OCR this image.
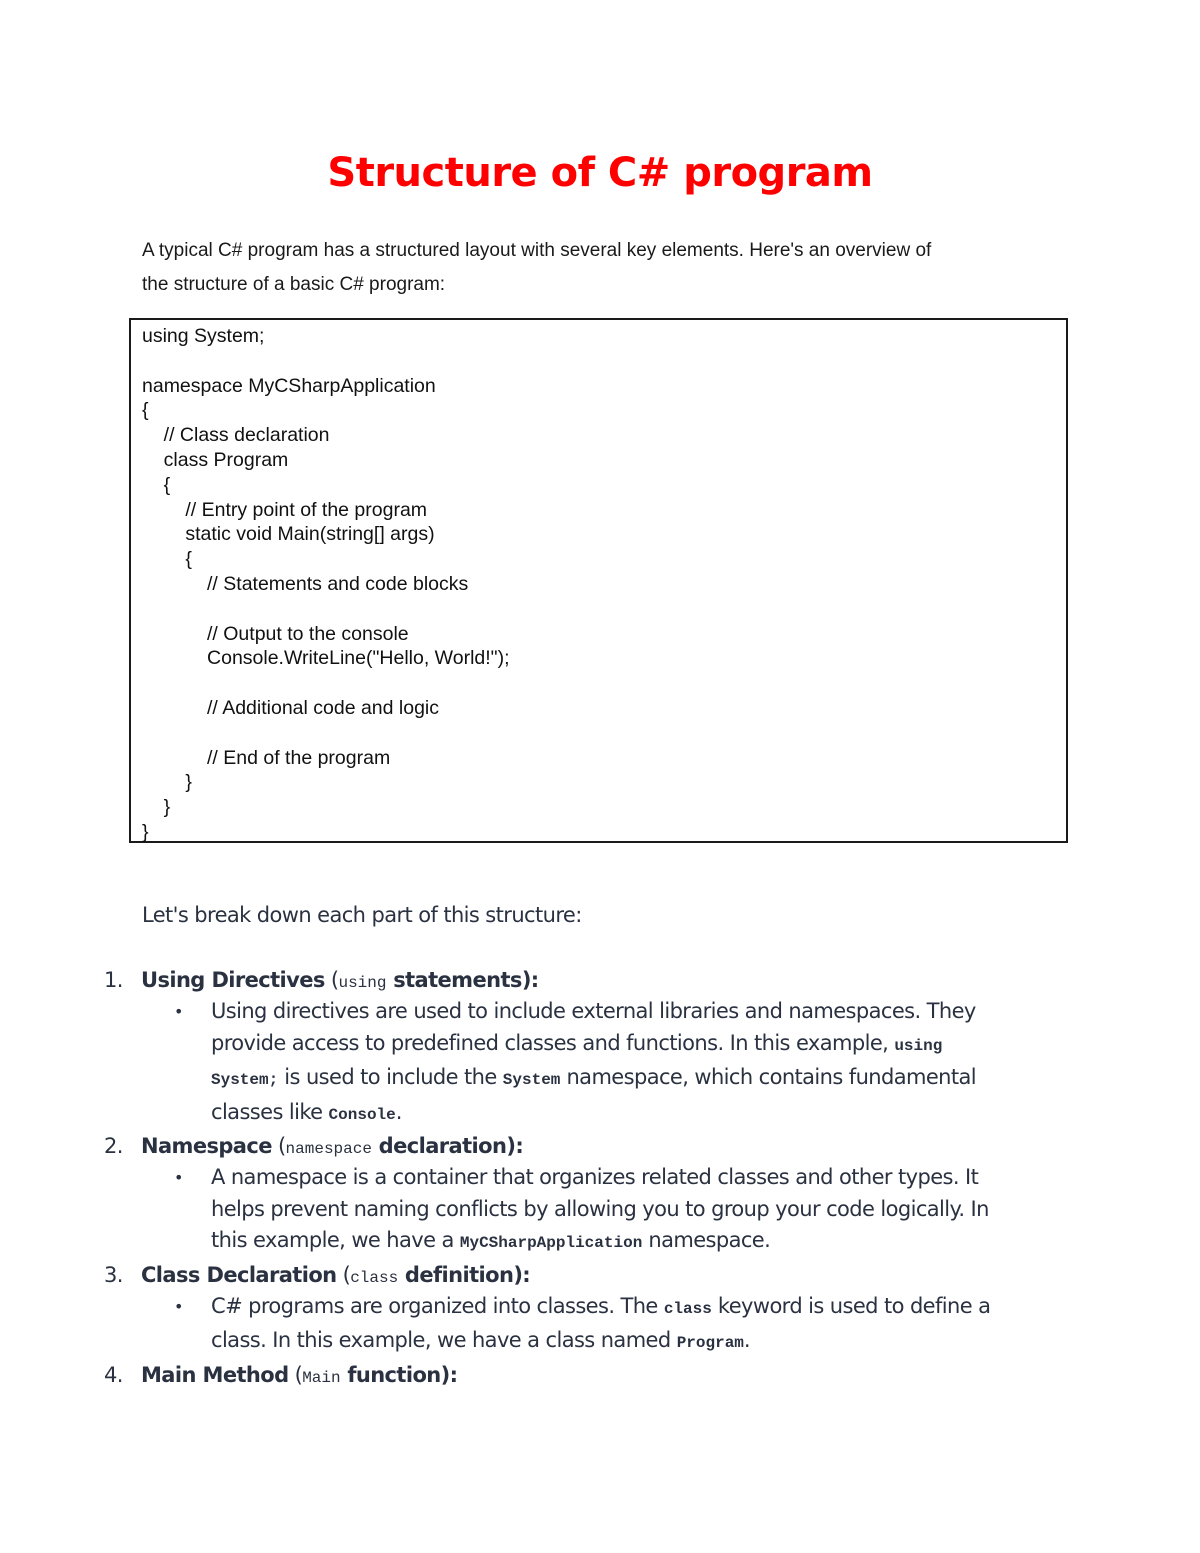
Structure of C# program
A typical C# program has a structured layout with several key elements. Here's an overview of
the structure of a basic C# program:
using System;
namespace MyCSharpApplication
{
// Class declaration
class Program
{
// Entry point of the program
static void Main(string[] args)
{
// Statements and code blocks
// Output to the console
Console.WriteLine("Hello, World!");
// Additional code and logic
// End of the program
}
}
}
Let's break down each part of this structure:
1. Using Directives (using statements):
• Using directives are used to include external libraries and namespaces. They
provide access to predefined classes and functions. In this example, using
System; is used to include the System namespace, which contains fundamental
classes like Console.
2. Namespace (namespace declaration):
• A namespace is a container that organizes related classes and other types. It
helps prevent naming conflicts by allowing you to group your code logically. In
this example, we have a MyCSharpApplication namespace.
3. Class Declaration (class definition):
• C# programs are organized into classes. The class keyword is used to define a
class. In this example, we have a class named Program.
4. Main Method (Main function):
